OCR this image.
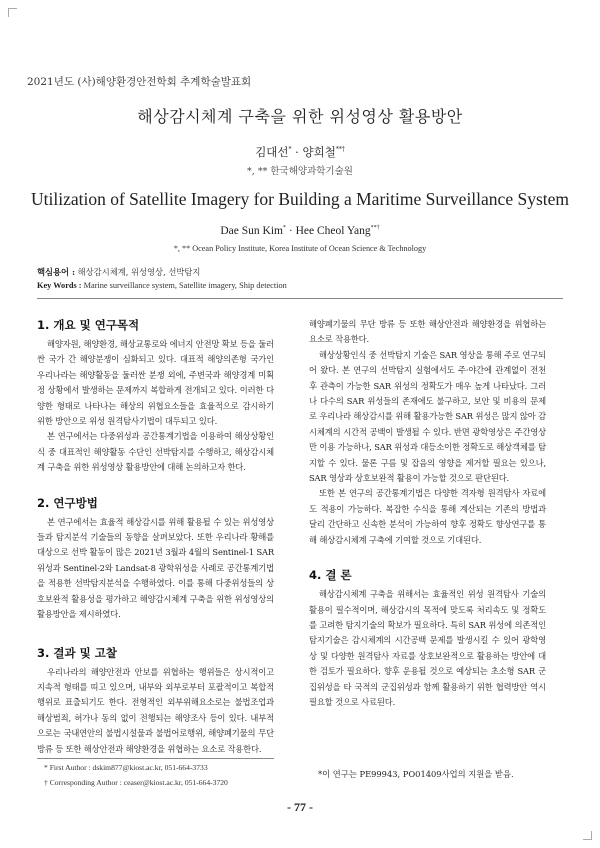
2021년도 (사)해양환경안전학회 추계학술발표회
해상감시체계 구축을 위한 위성영상 활용방안
김대선* · 양희철**†
*, ** 한국해양과학기술원
Utilization of Satellite Imagery for Building a Maritime Surveillance System
Dae Sun Kim* · Hee Cheol Yang**†
*, ** Ocean Policy Institute, Korea Institute of Ocean Science & Technology
핵심용어 : 해상감시체계, 위성영상, 선박탐지
Key Words : Marine surveillance system, Satellite imagery, Ship detection
1. 개요 및 연구목적

해양자원, 해양환경, 해상교통로와 에너지 안전망 확보 등을 둘러싼 국가 간 해양분쟁이 심화되고 있다. 대표적 해양의존형 국가인 우리나라는 해양활동을 둘러싼 분쟁 외에, 주변국과 해양경계 미획정 상황에서 발생하는 문제까지 복합하게 전개되고 있다. 이러한 다양한 형태로 나타나는 해상의 위협요소들을 효율적으로 감시하기 위한 방안으로 위성 원격탐사기법이 대두되고 있다.

본 연구에서는 다중위성과 공간통계기법을 이용하여 해상상황인식 중 대표적인 해양활동 수단인 선박탐지를 수행하고, 해상감시체계 구축을 위한 위성영상 활용방안에 대해 논의하고자 한다.

2. 연구방법

본 연구에서는 효율적 해상감시를 위해 활용될 수 있는 위성영상들과 탐지분석 기술들의 동향을 살펴보았다. 또한 우리나라 황해를 대상으로 선박 활동이 많은 2021년 3월과 4월의 Sentinel-1 SAR위성과 Sentinel-2와 Landsat-8 광학위성을 사례로 공간통계기법을 적용한 선박탐지분석을 수행하였다. 이를 통해 다중위성들의 상호보완적 활용성을 평가하고 해양감시체계 구축을 위한 위성영상의 활용방안을 제시하였다.

3. 결과 및 고찰

우리나라의 해양안전과 안보를 위협하는 행위들은 상시적이고 지속적 형태를 띠고 있으며, 내부와 외부로부터 포괄적이고 복합적 행위로 표출되기도 한다. 전형적인 외부위해요소로는 불법조업과 해상범죄, 허가나 동의 없이 전행되는 해양조사 등이 있다. 내부적으로는 국내연안의 불법시설물과 불법어로행위, 해양폐기물의 무단 방류 등 또한 해상안전과 해양환경을 위협하는 요소로 작용한다.

해양폐기물의 무단 방류 등 또한 해상안전과 해양환경을 위협하는 요소로 작용한다.

해상상황인식 중 선박탐지 기술은 SAR 영상을 통해 주로 연구되어 왔다. 본 연구의 선박탐지 실험에서도 주·야간에 관계없이 전천후 관측이 가능한 SAR 위성의 정확도가 매우 높게 나타났다. 그러나 다수의 SAR 위성들의 존재에도 불구하고, 보안 및 비용의 문제로 우리나라 해상감시를 위해 활용가능한 SAR 위성은 많지 않아 감시체계의 시간적 공백이 발생될 수 있다. 반면 광학영상은 주간영상만 이용 가능하나, SAR 위성과 대등소이한 정확도로 해상객체를 탐지할 수 있다. 물론 구름 및 잡음의 영향을 제거할 필요는 있으나, SAR 영상과 상호보완적 활용이 가능할 것으로 판단된다.

또한 본 연구의 공간통계기법은 다양한 격자형 원격탐사 자료에도 적용이 가능하다. 복잡한 수식을 통해 계산되는 기존의 방법과 달리 간단하고 신속한 분석이 가능하여 향후 정확도 향상연구를 통해 해상감시체계 구축에 기여할 것으로 기대된다.

4. 결 론

해상감시체계 구축을 위해서는 효율적인 위성 원격탐사 기술의 활용이 필수적이며, 해상감시의 목적에 맞도록 처리속도 및 정확도를 고려한 탐지기술의 확보가 필요하다. 특히 SAR 위성에 의존적인 탐지기술은 감시체계의 시간공백 문제를 발생시킬 수 있어 광학영상 및 다양한 원격탐사 자료를 상호보완적으로 활용하는 방안에 대한 검토가 필요하다. 향후 운용될 것으로 예상되는 초소형 SAR 군집위성을 타 국적의 군집위성과 함께 활용하기 위한 협력방안 역시 필요할 것으로 사료된다.

*이 연구는 PE99943, PO01409사업의 지원을 받음.
* First Author : dskim877@kiost.ac.kr, 051-664-3733
† Corresponding Author : ceaser@kiost.ac.kr, 051-664-3720
- 77 -
